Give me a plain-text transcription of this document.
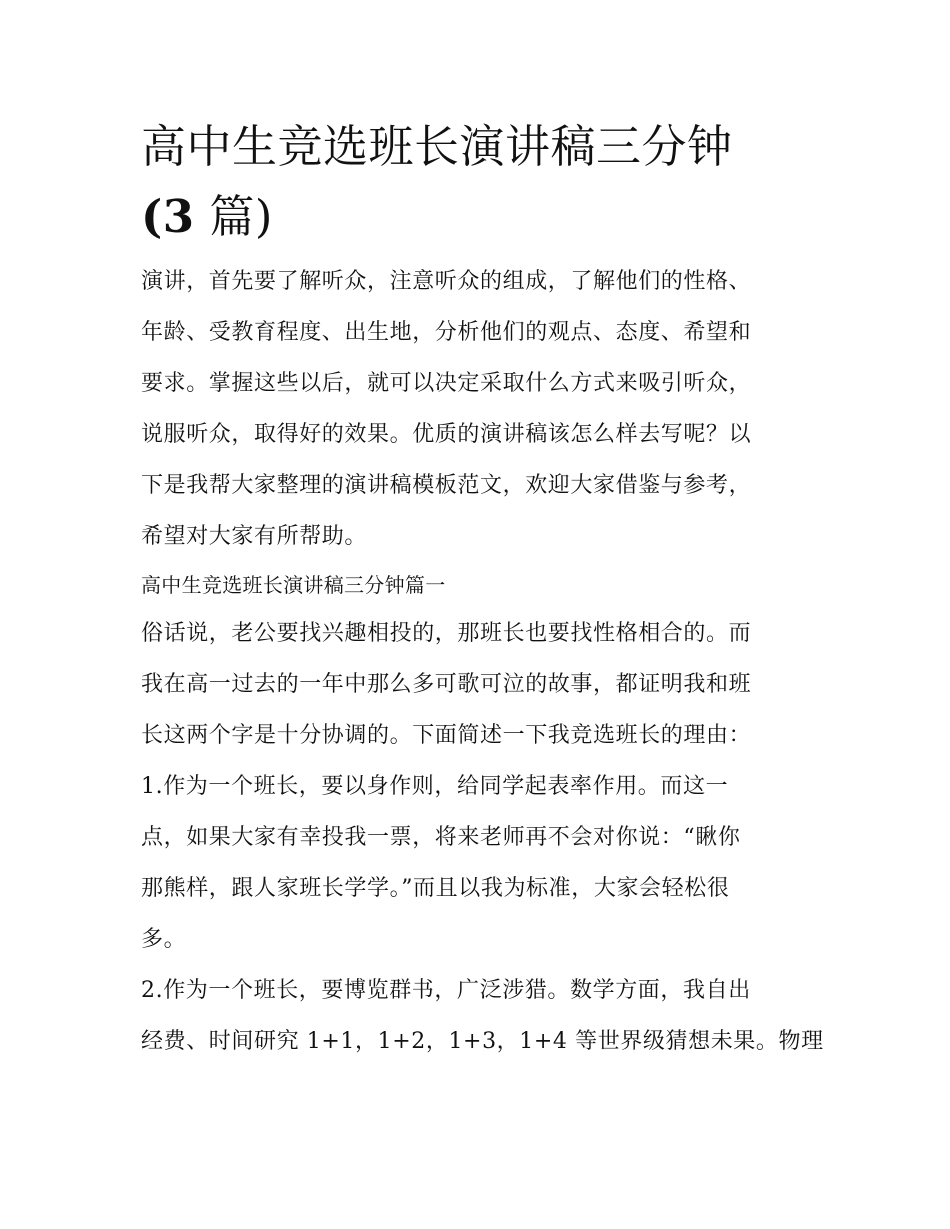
高中生竞选班长演讲稿三分钟
(3 篇)
演讲，首先要了解听众，注意听众的组成，了解他们的性格、
年龄、受教育程度、出生地，分析他们的观点、态度、希望和
要求。掌握这些以后，就可以决定采取什么方式来吸引听众，
说服听众，取得好的效果。优质的演讲稿该怎么样去写呢？以
下是我帮大家整理的演讲稿模板范文，欢迎大家借鉴与参考，
希望对大家有所帮助。
高中生竞选班长演讲稿三分钟篇一
俗话说，老公要找兴趣相投的，那班长也要找性格相合的。而
我在高一过去的一年中那么多可歌可泣的故事，都证明我和班
长这两个字是十分协调的。下面简述一下我竞选班长的理由：
1.作为一个班长，要以身作则，给同学起表率作用。而这一
点，如果大家有幸投我一票，将来老师再不会对你说：“瞅你
那熊样，跟人家班长学学。”而且以我为标准，大家会轻松很
多。
2.作为一个班长，要博览群书，广泛涉猎。数学方面，我自出
经费、时间研究 1+1，1+2，1+3，1+4 等世界级猜想未果。物理
